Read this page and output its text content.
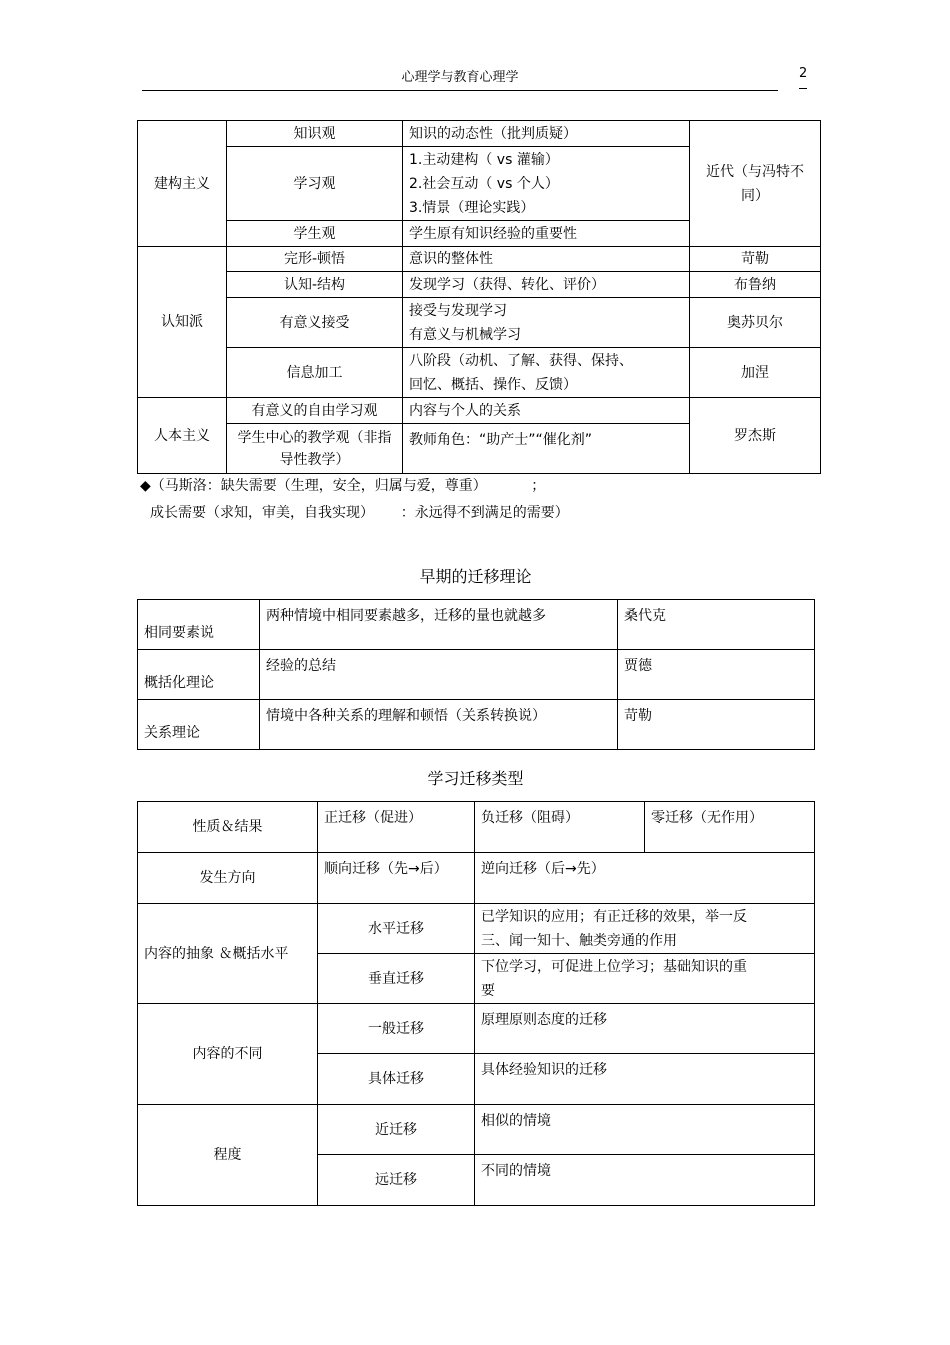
心理学与教育心理学	2
建构主义	知识观	知识的动态性（批判质疑）	近代（与冯特不同）

	学习观	1.主动建构（ vs 灌输）
2.社会互动（ vs 个人）
3.情景（理论实践）	

	学生观	学生原有知识经验的重要性	
认知派	完形-顿悟	意识的整体性	苛勒
	认知-结构	发现学习（获得、转化、评价）	布鲁纳
	有意义接受	接受与发现学习
有意义与机械学习	奥苏贝尔
	信息加工	八阶段（动机、了解、获得、保持、
回忆、概括、操作、反馈）	加涅
人本主义	有意义的自由学习观	内容与个人的关系	罗杰斯
	学生中心的教学观（非指导性教学）	教师角色：“助产士”“催化剂”	
◆（马斯洛：缺失需要（生理，安全，归属与爱，尊重）          ；
成长需要（求知，审美，自我实现）      ：永远得不到满足的需要）
早期的迁移理论
相同要素说	两种情境中相同要素越多，迁移的量也就越多	桑代克
概括化理论	经验的总结	贾德
关系理论	情境中各种关系的理解和顿悟（关系转换说）	苛勒
学习迁移类型
性质＆结果	正迁移（促进）	负迁移（阻碍）	零迁移（无作用）
发生方向	顺向迁移（先→后）	逆向迁移（后→先）	
内容的抽象 ＆概括水平	水平迁移	已学知识的应用；有正迁移的效果，举一反
三、闻一知十、触类旁通的作用	

	垂直迁移	下位学习，可促进上位学习；基础知识的重
要	

内容的不同	一般迁移	原理原则态度的迁移	
	具体迁移	具体经验知识的迁移	
程度	近迁移	相似的情境	
	远迁移	不同的情境	
